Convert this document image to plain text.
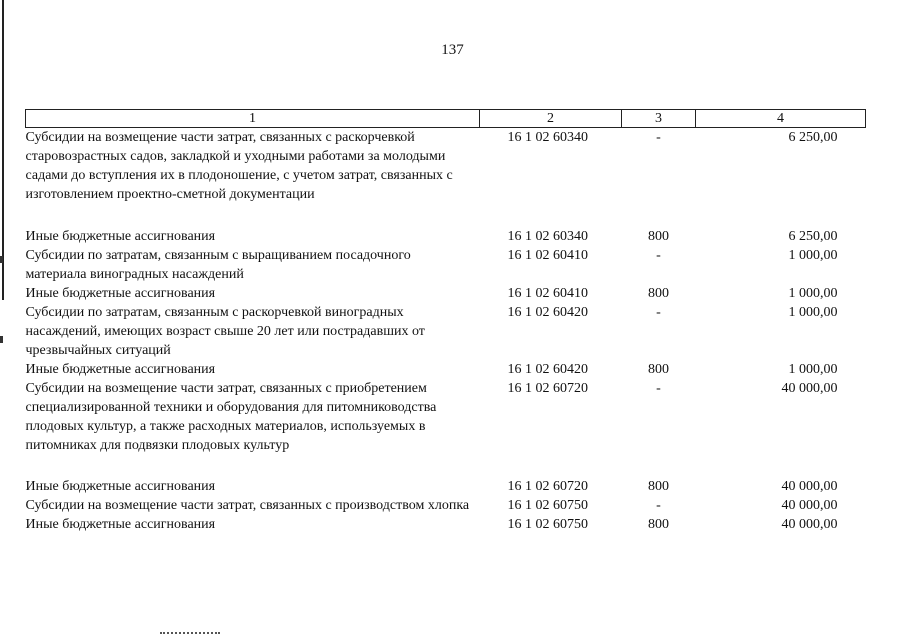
137
1	2	3	4
Субсидии на возмещение части затрат, связанных с раскорчевкой старовозрастных садов, закладкой и уходными работами за молодыми садами до вступления их в плодоношение, с учетом затрат, связанных с изготовлением проектно-сметной документации	16 1 02 60340	-	6 250,00
Иные бюджетные ассигнования	16 1 02 60340	800	6 250,00
Субсидии по затратам, связанным с выращиванием посадочного материала виноградных насаждений	16 1 02 60410	-	1 000,00
Иные бюджетные ассигнования	16 1 02 60410	800	1 000,00
Субсидии по затратам, связанным с раскорчевкой виноградных насаждений, имеющих возраст свыше 20 лет или пострадавших от чрезвычайных ситуаций	16 1 02 60420	-	1 000,00
Иные бюджетные ассигнования	16 1 02 60420	800	1 000,00
Субсидии на возмещение части затрат, связанных с приобретением специализированной техники и оборудования для питомниководства плодовых культур, а также расходных материалов, используемых в питомниках для подвязки плодовых культур	16 1 02 60720	-	40 000,00
Иные бюджетные ассигнования	16 1 02 60720	800	40 000,00
Субсидии на возмещение части затрат, связанных с производством хлопка	16 1 02 60750	-	40 000,00
Иные бюджетные ассигнования	16 1 02 60750	800	40 000,00
